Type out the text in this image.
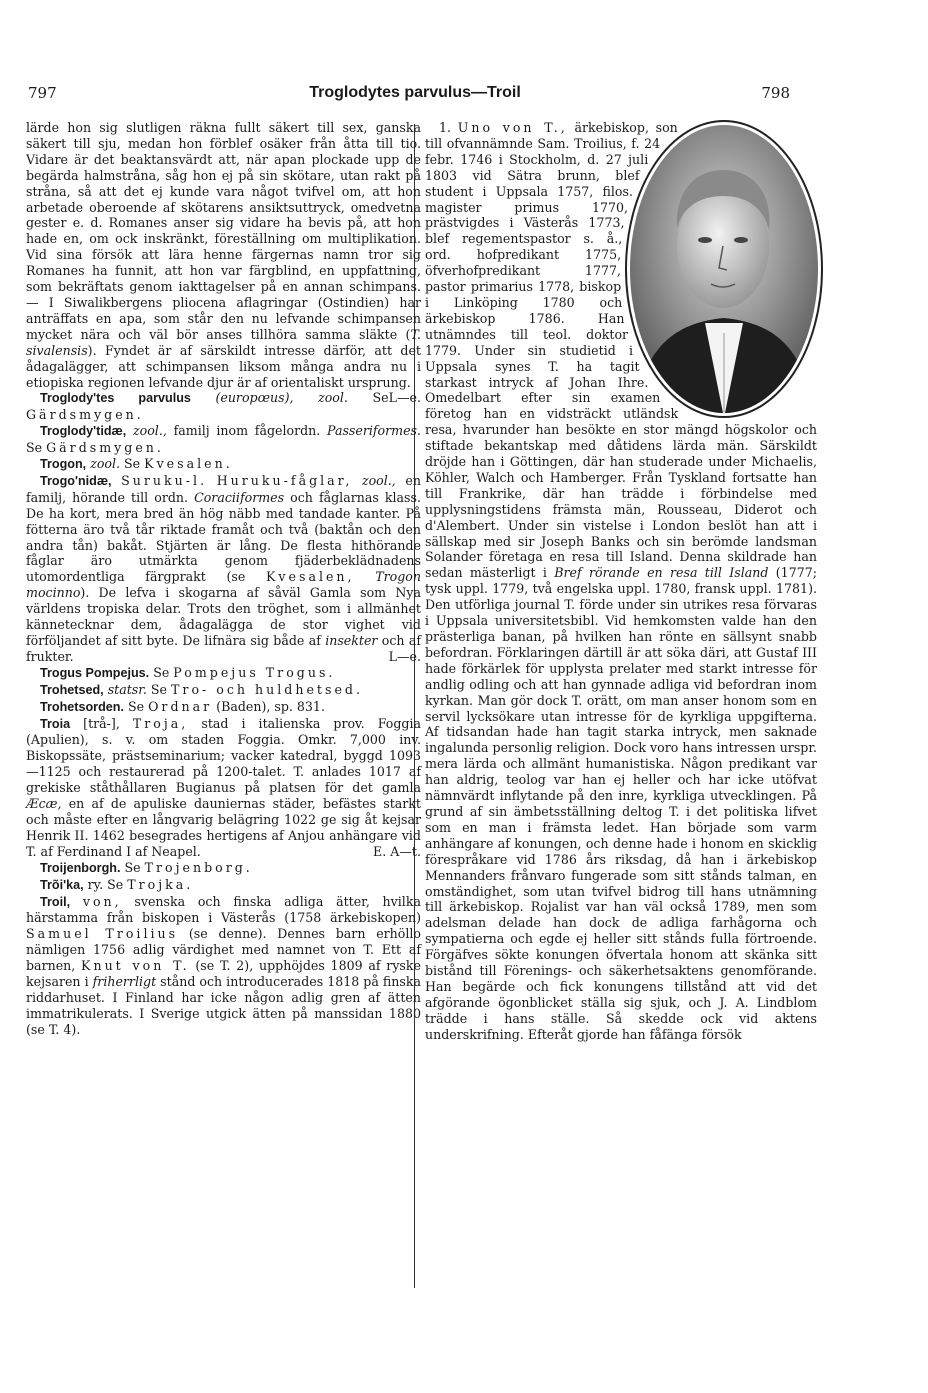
797	Troglodytes parvulus—Troil	798

lärde hon sig slutligen räkna fullt säkert till sex, ganska säkert till sju, medan hon förblef osäker från åtta till tio. Vidare är det beaktansvärdt att, när apan plockade upp de begärda halmstråna, såg hon ej på sin skötare, utan rakt på stråna, så att det ej kunde vara något tvifvel om, att hon arbetade oberoende af skötarens ansiktsuttryck, omedvetna gester e. d. Romanes anser sig vidare ha bevis på, att hon hade en, om ock inskränkt, föreställning om multiplikation. Vid sina försök att lära henne färgernas namn tror sig Romanes ha funnit, att hon var färgblind, en uppfattning, som bekräftats genom iakttagelser på en annan schimpans. — I Siwalikbergens pliocena aflagringar (Ostindien) har anträffats en apa, som står den nu lefvande schimpansen mycket nära och väl bör anses tillhöra samma släkte (T. sivalensis). Fyndet är af särskildt intresse därför, att det ådagalägger, att schimpansen liksom många andra nu i etiopiska regionen lefvande djur är af orientaliskt ursprung.
L—e.

Troglody'tes parvulus (europœus), zool. Se Gärdsmygen.

Troglody'tidæ, zool., familj inom fågelordn. Passeriformes. Se Gärdsmygen.

Trogon, zool. Se Kvesalen.

Trogo'nidæ, Suruku-l. Huruku-fåglar, zool., en familj, hörande till ordn. Coraciiformes och fåglarnas klass. De ha kort, mera bred än hög näbb med tandade kanter. På fötterna äro två tår riktade framåt och två (baktån och den andra tån) bakåt. Stjärten är lång. De flesta hithörande fåglar äro utmärkta genom fjäderbeklädnadens utomordentliga färgprakt (se Kvesalen, Trogon mocinno). De lefva i skogarna af såväl Gamla som Nya världens tropiska delar. Trots den tröghet, som i allmänhet kännetecknar dem, ådagalägga de stor vighet vid förföljandet af sitt byte. De lifnära sig både af insekter och af frukter.	L—e.

Trogus Pompejus. Se Pompejus Trogus.

Trohetsed, statsr. Se Tro- och huldhetsed.

Trohetsorden. Se Ordnar (Baden), sp. 831.

Troia [trå-], Troja, stad i italienska prov. Foggia (Apulien), s. v. om staden Foggia. Omkr. 7,000 inv. Biskopssäte, prästseminarium; vacker katedral, byggd 1093—1125 och restaurerad på 1200-talet. T. anlades 1017 af grekiske ståthållaren Bugianus på platsen för det gamla Æcæ, en af de apuliske dauniernas städer, befästes starkt och måste efter en långvarig belägring 1022 ge sig åt kejsar Henrik II. 1462 besegrades hertigens af Anjou anhängare vid T. af Ferdinand I af Neapel.	E. A—t.

Troijenborgh. Se Trojenborg.

Trõi'ka, ry. Se Trojka.

Troil, von, svenska och finska adliga ätter, hvilka härstamma från biskopen i Västerås (1758 ärkebiskopen) Samuel Troilius (se denne). Dennes barn erhöllo nämligen 1756 adlig värdighet med namnet von T. Ett af barnen, Knut von T. (se T. 2), upphöjdes 1809 af ryske kejsaren i friherrligt stånd och introducerades 1818 på finska riddarhuset. I Finland har icke någon adlig gren af ätten immatrikulerats. I Sverige utgick ätten på manssidan 1880 (se T. 4).

1. Uno von T., ärkebiskop, son till ofvannämnde Sam. Troilius, f. 24 febr. 1746 i Stockholm, d. 27 juli 1803 vid Sätra brunn, blef student i Uppsala 1757, filos. magister primus 1770, prästvigdes i Västerås 1773, blef regementspastor s. å., ord. hofpredikant 1775, öfverhofpredikant 1777, pastor primarius 1778, biskop i Linköping 1780 och ärkebiskop 1786. Han utnämndes till teol. doktor 1779. Under sin studietid i Uppsala synes T. ha tagit starkast intryck af Johan Ihre. Omedelbart efter sin examen företog han en vidsträckt utländsk resa, hvarunder han besökte en stor mängd högskolor och stiftade bekantskap med dåtidens lärda män. Särskildt dröjde han i Göttingen, där han studerade under Michaelis, Köhler, Walch och Hamberger. Från Tyskland fortsatte han till Frankrike, där han trädde i förbindelse med upplysningstidens främsta män, Rousseau, Diderot och d'Alembert. Under sin vistelse i London beslöt han att i sällskap med sir Joseph Banks och sin berömde landsman Solander företaga en resa till Island. Denna skildrade han sedan mästerligt i Bref rörande en resa till Island (1777; tysk uppl. 1779, två engelska uppl. 1780, fransk uppl. 1781). Den utförliga journal T. förde under sin utrikes resa förvaras i Uppsala universitetsbibl. Vid hemkomsten valde han den prästerliga banan, på hvilken han rönte en sällsynt snabb befordran. Förklaringen därtill är att söka däri, att Gustaf III hade förkärlek för upplysta prelater med starkt intresse för andlig odling och att han gynnade adliga vid befordran inom kyrkan. Man gör dock T. orätt, om man anser honom som en servil lycksökare utan intresse för de kyrkliga uppgifterna. Af tidsandan hade han tagit starka intryck, men saknade ingalunda personlig religion. Dock voro hans intressen urspr. mera lärda och allmänt humanistiska. Någon predikant var han aldrig, teolog var han ej heller och har icke utöfvat nämnvärdt inflytande på den inre, kyrkliga utvecklingen. På grund af sin ämbetsställning deltog T. i det politiska lifvet som en man i främsta ledet. Han började som varm anhängare af konungen, och denne hade i honom en skicklig förespråkare vid 1786 års riksdag, då han i ärkebiskop Mennanders frånvaro fungerade som sitt stånds talman, en omständighet, som utan tvifvel bidrog till hans utnämning till ärkebiskop. Rojalist var han väl också 1789, men som adelsman delade han dock de adliga farhågorna och sympatierna och egde ej heller sitt stånds fulla förtroende. Förgäfves sökte konungen öfvertala honom att skänka sitt bistånd till Förenings- och säkerhetsaktens genomförande. Han begärde och fick konungens tillstånd att vid det afgörande ögonblicket ställa sig sjuk, och J. A. Lindblom trädde i hans ställe. Så skedde ock vid aktens underskrifning. Efteråt gjorde han fåfänga försök
